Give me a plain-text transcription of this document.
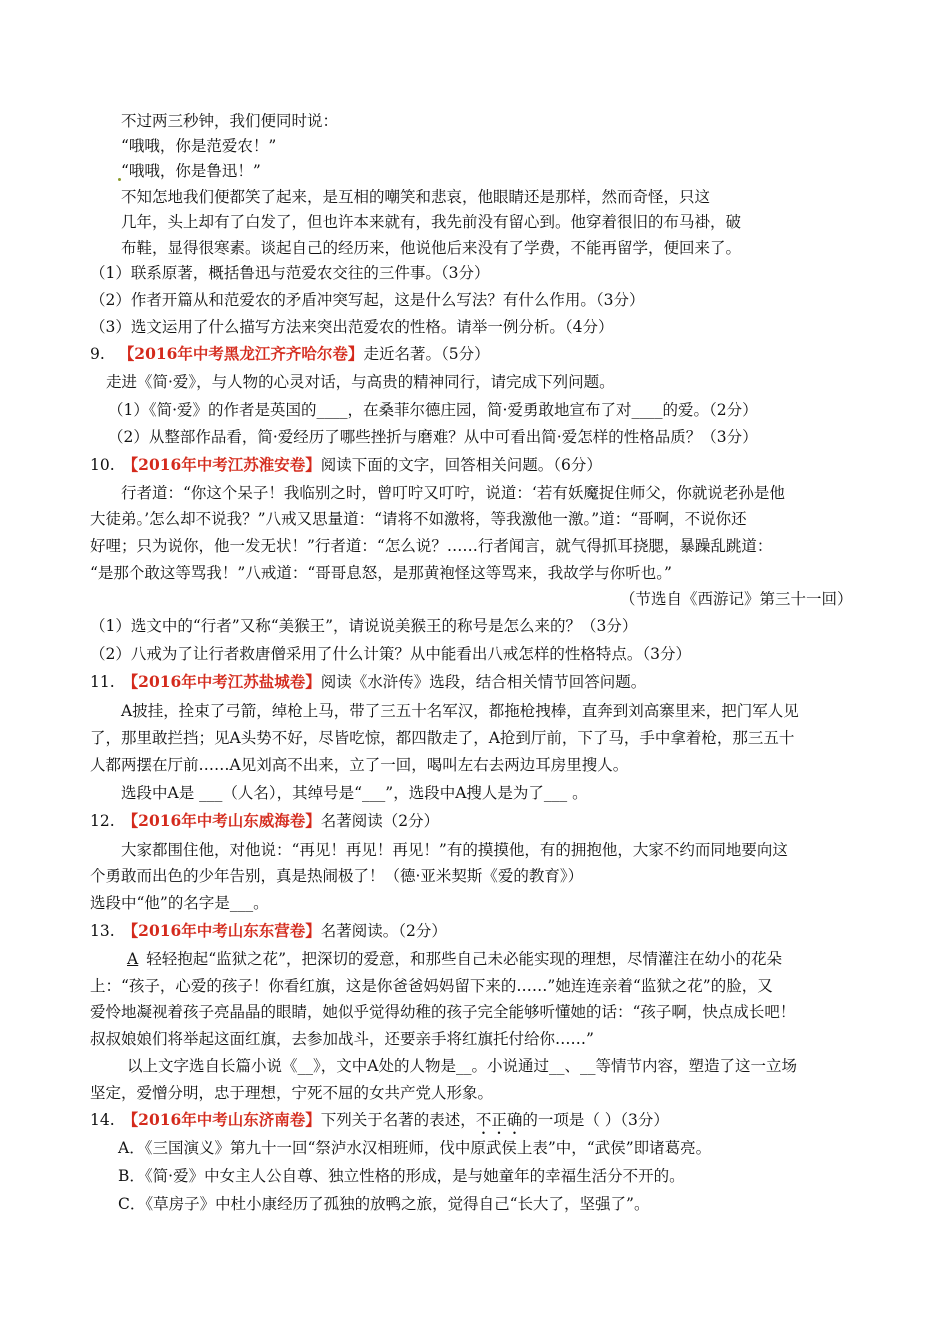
不过两三秒钟，我们便同时说：
“哦哦，你是范爱农！”
“哦哦，你是鲁迅！”
不知怎地我们便都笑了起来，是互相的嘲笑和悲哀，他眼睛还是那样，然而奇怪，只这
几年，头上却有了白发了，但也许本来就有，我先前没有留心到。他穿着很旧的布马褂，破
布鞋，显得很寒素。谈起自己的经历来，他说他后来没有了学费，不能再留学，便回来了。
（1）联系原著，概括鲁迅与范爱农交往的三件事。（3分）
（2）作者开篇从和范爱农的矛盾冲突写起，这是什么写法？有什么作用。（3分）
（3）选文运用了什么描写方法来突出范爱农的性格。请举一例分析。（4分）
9. 【2016年中考黑龙江齐齐哈尔卷】走近名著。（5分）
走进《简·爱》，与人物的心灵对话，与高贵的精神同行，请完成下列问题。
（1）《简·爱》的作者是英国的____，在桑菲尔德庄园，简·爱勇敢地宣布了对____的爱。（2分）
（2）从整部作品看，简·爱经历了哪些挫折与磨难？从中可看出简·爱怎样的性格品质？（3分）
10. 【2016年中考江苏淮安卷】阅读下面的文字，回答相关问题。（6分）
行者道：“你这个呆子！我临别之时，曾叮咛又叮咛，说道：‘若有妖魔捉住师父，你就说老孙是他
大徒弟。’怎么却不说我？”八戒又思量道：“请将不如激将，等我激他一激。”道：“哥啊，不说你还
好哩；只为说你，他一发无状！”行者道：“怎么说？……行者闻言，就气得抓耳挠腮，暴躁乱跳道：
“是那个敢这等骂我！”八戒道：“哥哥息怒，是那黄袍怪这等骂来，我故学与你听也。”
（节选自《西游记》第三十一回）
（1）选文中的“行者”又称“美猴王”，请说说美猴王的称号是怎么来的？（3分）
（2）八戒为了让行者救唐僧采用了什么计策？从中能看出八戒怎样的性格特点。（3分）
11. 【2016年中考江苏盐城卷】阅读《水浒传》选段，结合相关情节回答问题。
A披挂，拴束了弓箭，绰枪上马，带了三五十名军汉，都拖枪拽棒，直奔到刘高寨里来，把门军人见
了，那里敢拦挡；见A头势不好，尽皆吃惊，都四散走了，A抢到厅前，下了马，手中拿着枪，那三五十
人都两摆在厅前……A见刘高不出来，立了一回，喝叫左右去两边耳房里搜人。
选段中A是 ___（人名），其绰号是“___”，选段中A搜人是为了___ 。
12. 【2016年中考山东威海卷】名著阅读（2分）
大家都围住他，对他说：“再见！再见！再见！”有的摸摸他，有的拥抱他，大家不约而同地要向这
个勇敢而出色的少年告别，真是热闹极了！（德·亚米契斯《爱的教育》）
选段中“他”的名字是___。
13. 【2016年中考山东东营卷】名著阅读。（2分）
A 轻轻抱起“监狱之花”，把深切的爱意，和那些自己未必能实现的理想，尽情灌注在幼小的花朵
上：“孩子，心爱的孩子！你看红旗，这是你爸爸妈妈留下来的……”她连连亲着“监狱之花”的脸，又
爱怜地凝视着孩子亮晶晶的眼睛，她似乎觉得幼稚的孩子完全能够听懂她的话：“孩子啊，快点成长吧！
叔叔娘娘们将举起这面红旗，去参加战斗，还要亲手将红旗托付给你……”
以上文字选自长篇小说《__》，文中A处的人物是__。小说通过__、__等情节内容，塑造了这一立场
坚定，爱憎分明，忠于理想，宁死不屈的女共产党人形象。
14. 【2016年中考山东济南卷】下列关于名著的表述，不正确的一项是（ ）（3分）
A．《三国演义》第九十一回“祭泸水汉相班师，伐中原武侯上表”中，“武侯”即诸葛亮。
B．《简·爱》中女主人公自尊、独立性格的形成，是与她童年的幸福生活分不开的。
C．《草房子》中杜小康经历了孤独的放鸭之旅，觉得自己“长大了，坚强了”。
